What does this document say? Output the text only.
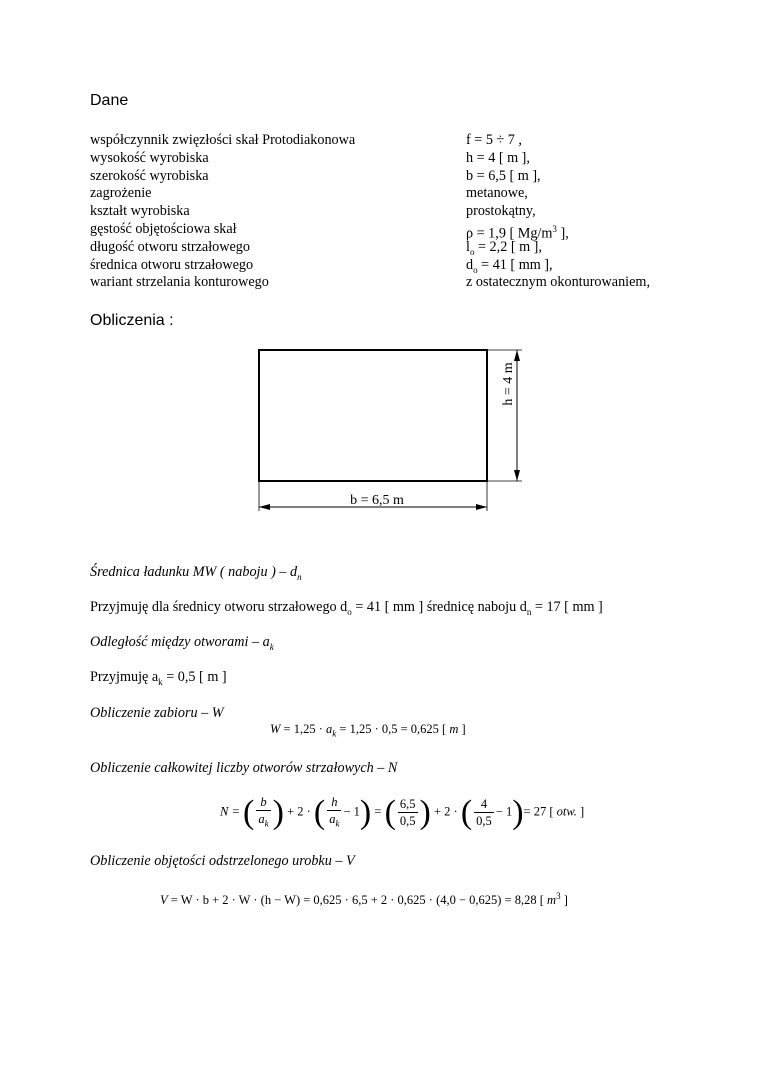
Dane
współczynnik zwięzłości skał Protodiakonowa	f = 5 ÷ 7 ,
wysokość wyrobiska	h = 4 [ m ],
szerokość wyrobiska	b = 6,5 [ m ],
zagrożenie	metanowe,
kształt wyrobiska	prostokątny,
gęstość objętościowa skał	ρ = 1,9 [ $Mg/m^3$ ],
długość otworu strzałowego	$l_o = 2,2$ [ m ],
średnica otworu strzałowego	$d_o = 41$ [ mm ],
wariant strzelania konturowego	z ostatecznym okonturowaniem,
Obliczenia :
b = 6,5 m
h = 4 m
Średnica ładunku MW ( naboju ) – $d_n$
Przyjmuję dla średnicy otworu strzałowego $d_o = 41$ [ mm ] średnicę naboju $d_n = 17$ [ mm ]
Odległość między otworami – $a_k$
Przyjmuję $a_k = 0,5$ [ m ]
Obliczenie zabioru – W
$W = 1,25 \cdot a_k = 1,25 \cdot 0,5 = 0,625$ [ m ]
Obliczenie całkowitej liczby otworów strzałowych – N
N = ( $\frac{b}{a_k}$ ) + 2 · ( $\frac{h}{a_k} - 1$) = ( $\frac{6,5}{0,5}$ ) + 2 · ( $\frac{4}{0,5} - 1)= 27$ [ otw. ]
Obliczenie objętości odstrzelonego urobku – V
V = W · b + 2 · W · (h − W) = 0,625 · 6,5 + 2 · 0,625 · (4,0 − 0,625) = 8,28 [ $m^3$ ]
